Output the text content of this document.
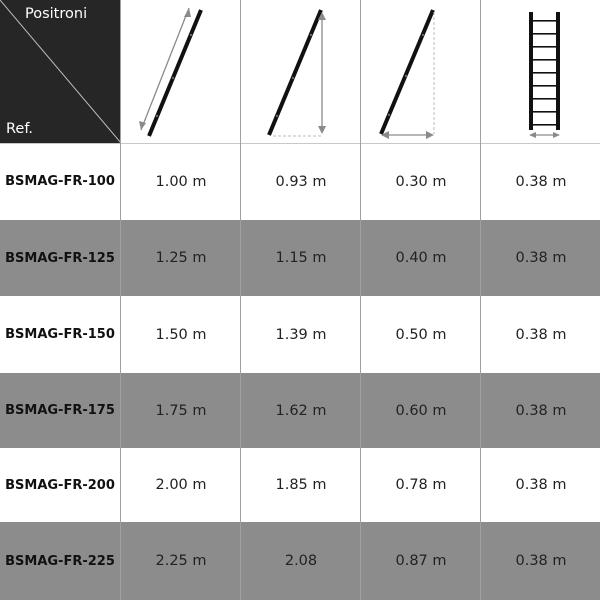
Positroni
Ref.
BSMAG-FR-100	1.00 m	0.93 m	0.30 m	0.38 m
BSMAG-FR-125	1.25 m	1.15 m	0.40 m	0.38 m
BSMAG-FR-150	1.50 m	1.39 m	0.50 m	0.38 m
BSMAG-FR-175	1.75 m	1.62 m	0.60 m	0.38 m
BSMAG-FR-200	2.00 m	1.85 m	0.78 m	0.38 m
BSMAG-FR-225	2.25 m	2.08	0.87 m	0.38 m
